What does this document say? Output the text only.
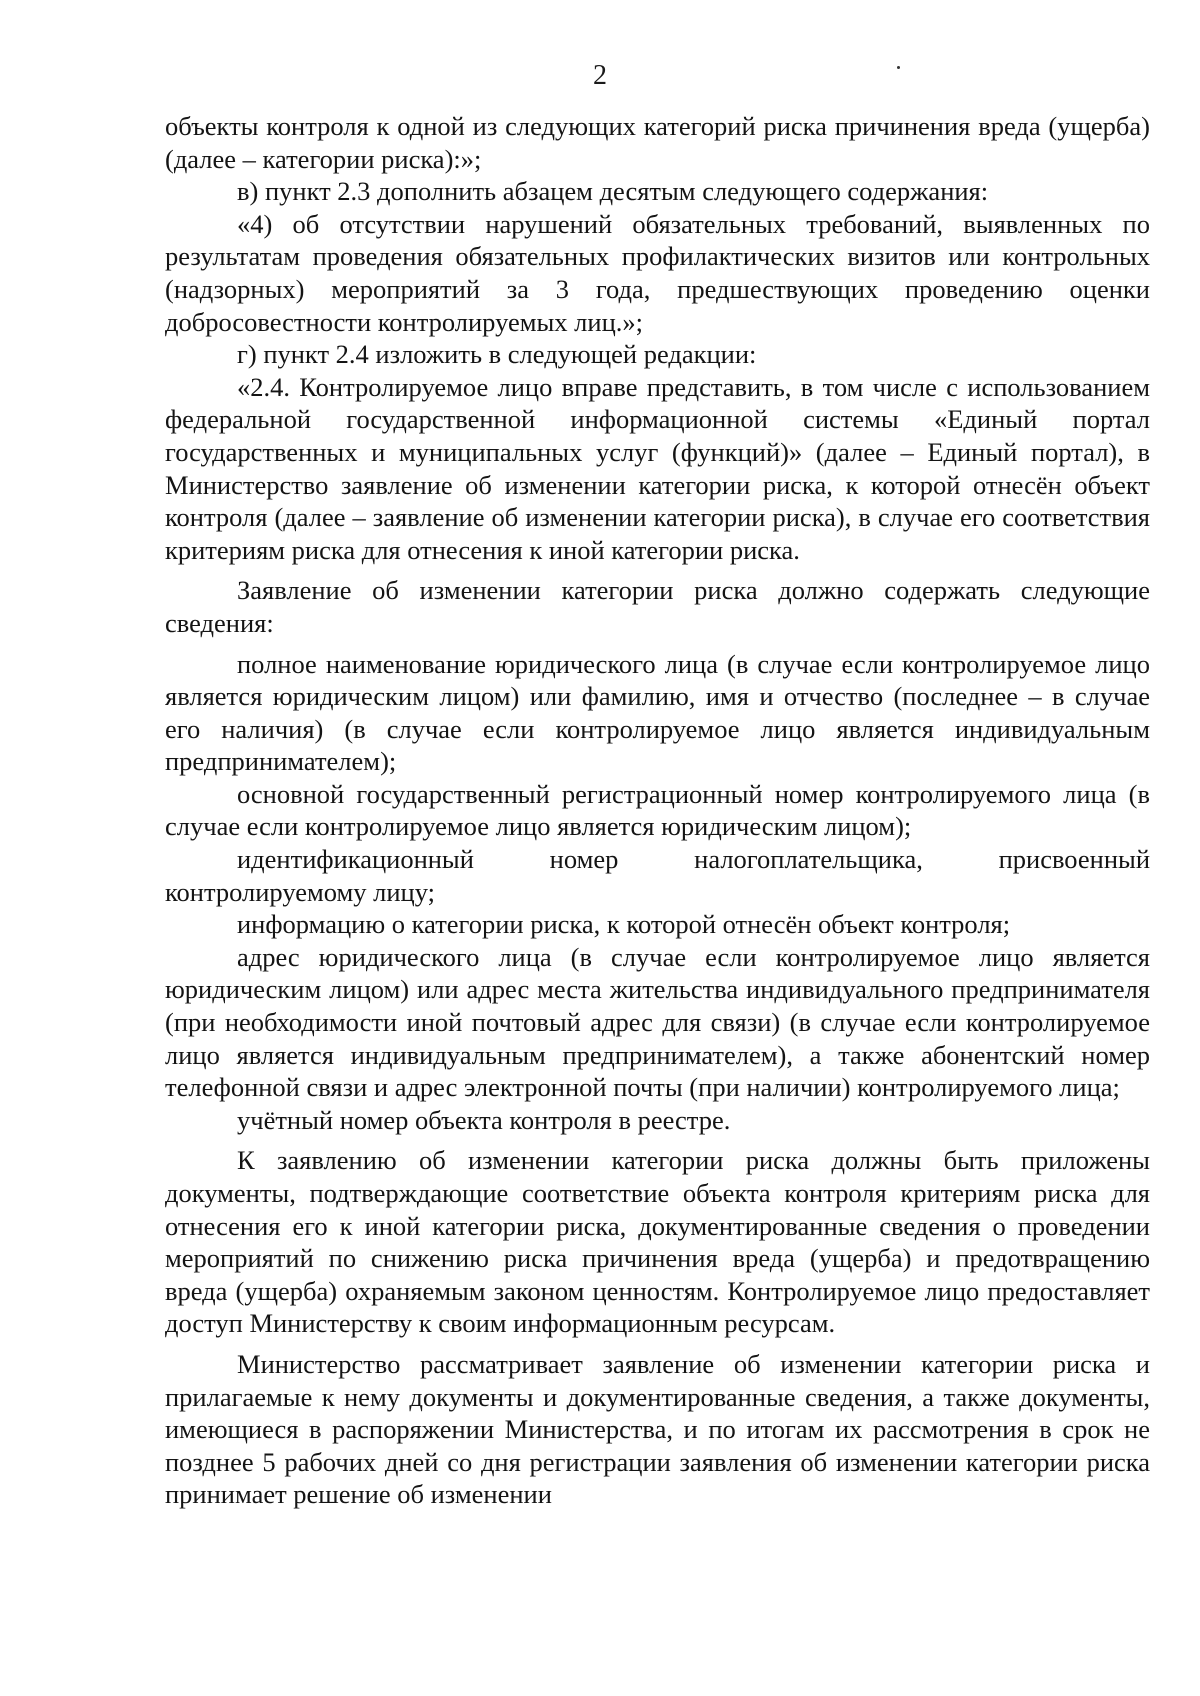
2

объекты контроля к одной из следующих категорий риска причинения вреда (ущерба) (далее – категории риска):»;

в) пункт 2.3 дополнить абзацем десятым следующего содержания:

«4) об отсутствии нарушений обязательных требований, выявленных по результатам проведения обязательных профилактических визитов или контрольных (надзорных) мероприятий за 3 года, предшествующих проведению оценки добросовестности контролируемых лиц.»;

г) пункт 2.4 изложить в следующей редакции:

«2.4. Контролируемое лицо вправе представить, в том числе с использованием федеральной государственной информационной системы «Единый портал государственных и муниципальных услуг (функций)» (далее – Единый портал), в Министерство заявление об изменении категории риска, к которой отнесён объект контроля (далее – заявление об изменении категории риска), в случае его соответствия критериям риска для отнесения к иной категории риска.

Заявление об изменении категории риска должно содержать следующие сведения:

полное наименование юридического лица (в случае если контролируемое лицо является юридическим лицом) или фамилию, имя и отчество (последнее – в случае его наличия) (в случае если контролируемое лицо является индивидуальным предпринимателем);

основной государственный регистрационный номер контролируемого лица (в случае если контролируемое лицо является юридическим лицом);

идентификационный номер налогоплательщика, присвоенный контролируемому лицу;

информацию о категории риска, к которой отнесён объект контроля;

адрес юридического лица (в случае если контролируемое лицо является юридическим лицом) или адрес места жительства индивидуального предпринимателя (при необходимости иной почтовый адрес для связи) (в случае если контролируемое лицо является индивидуальным предпринимателем), а также абонентский номер телефонной связи и адрес электронной почты (при наличии) контролируемого лица;

учётный номер объекта контроля в реестре.

К заявлению об изменении категории риска должны быть приложены документы, подтверждающие соответствие объекта контроля критериям риска для отнесения его к иной категории риска, документированные сведения о проведении мероприятий по снижению риска причинения вреда (ущерба) и предотвращению вреда (ущерба) охраняемым законом ценностям. Контролируемое лицо предоставляет доступ Министерству к своим информационным ресурсам.

Министерство рассматривает заявление об изменении категории риска и прилагаемые к нему документы и документированные сведения, а также документы, имеющиеся в распоряжении Министерства, и по итогам их рассмотрения в срок не позднее 5 рабочих дней со дня регистрации заявления об изменении категории риска принимает решение об изменении
